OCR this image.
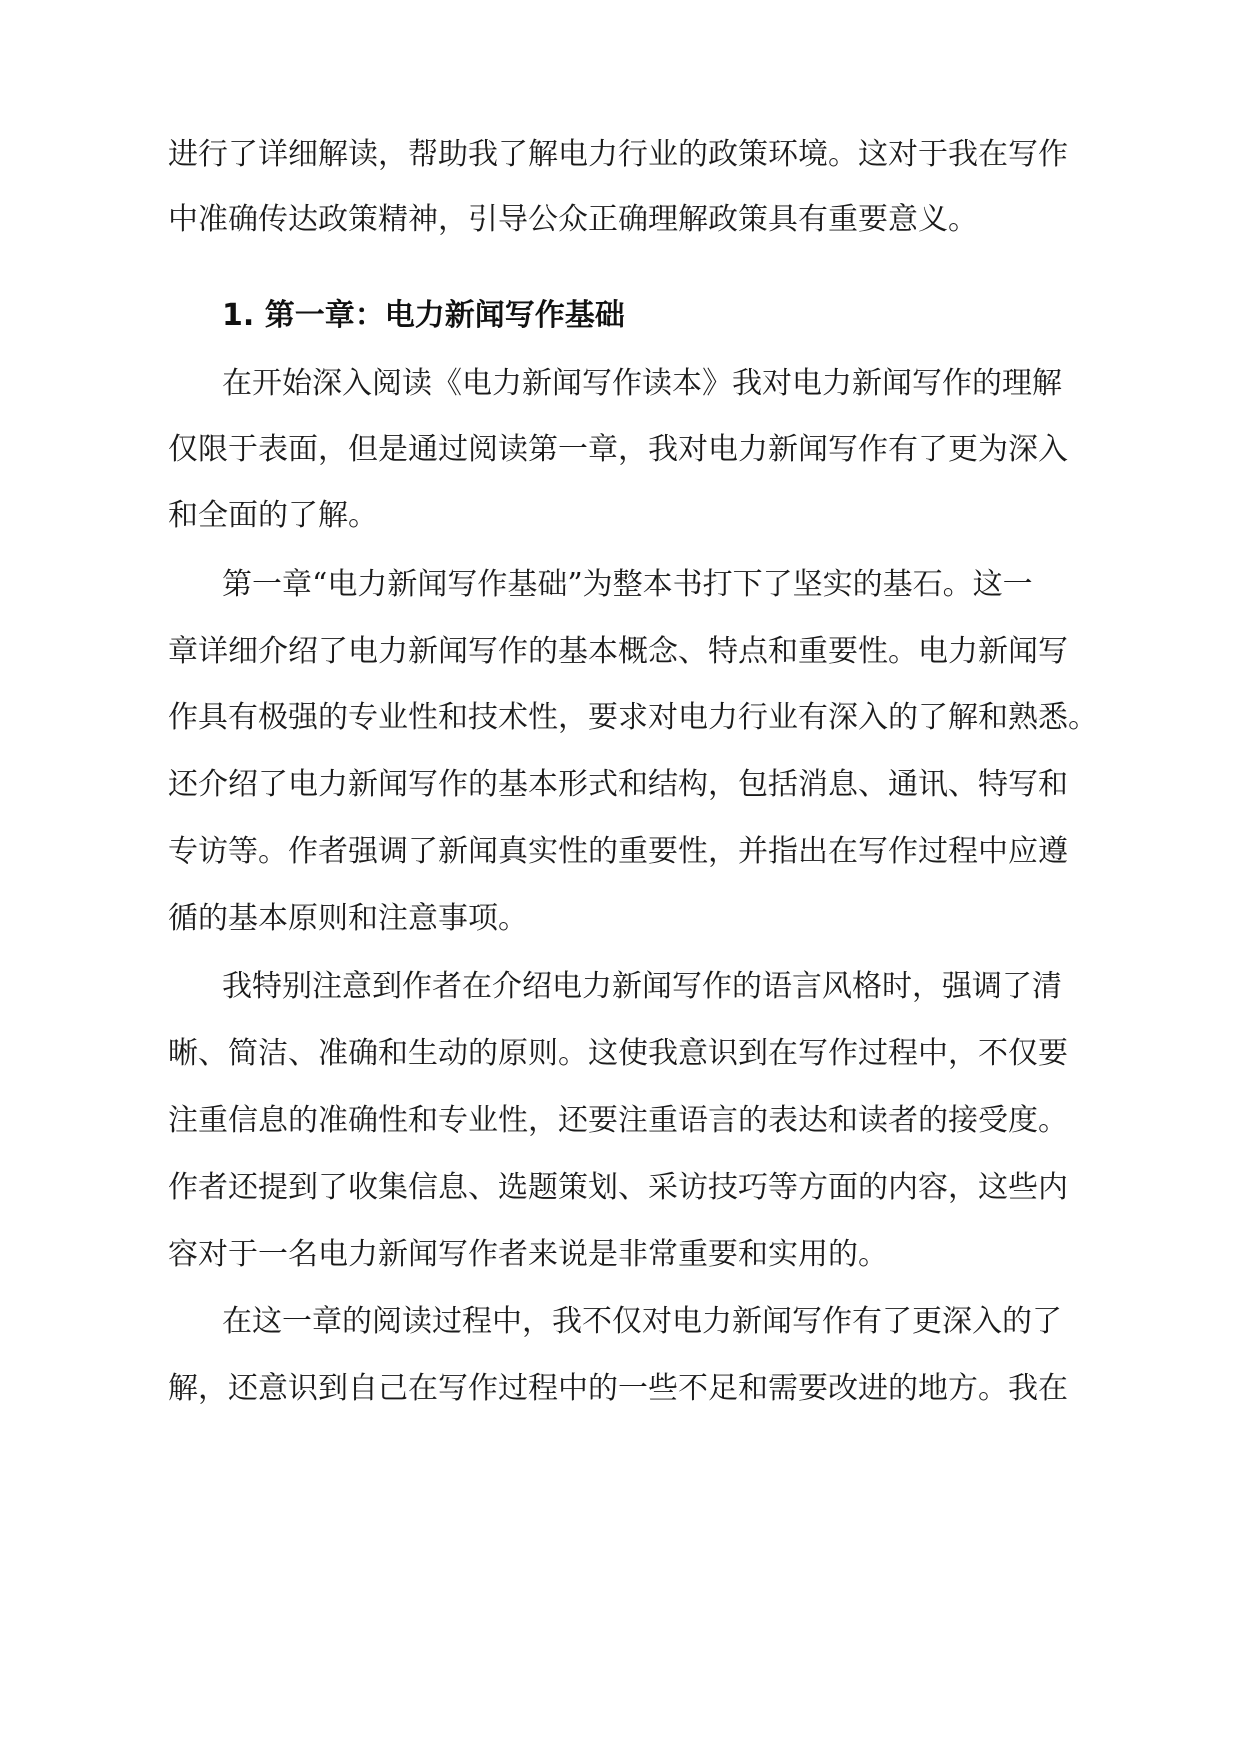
进行了详细解读，帮助我了解电力行业的政策环境。这对于我在写作
中准确传达政策精神，引导公众正确理解政策具有重要意义。
1. 第一章：电力新闻写作基础
在开始深入阅读《电力新闻写作读本》我对电力新闻写作的理解
仅限于表面，但是通过阅读第一章，我对电力新闻写作有了更为深入
和全面的了解。
第一章“电力新闻写作基础”为整本书打下了坚实的基石。这一
章详细介绍了电力新闻写作的基本概念、特点和重要性。电力新闻写
作具有极强的专业性和技术性，要求对电力行业有深入的了解和熟悉。
还介绍了电力新闻写作的基本形式和结构，包括消息、通讯、特写和
专访等。作者强调了新闻真实性的重要性，并指出在写作过程中应遵
循的基本原则和注意事项。
我特别注意到作者在介绍电力新闻写作的语言风格时，强调了清
晰、简洁、准确和生动的原则。这使我意识到在写作过程中，不仅要
注重信息的准确性和专业性，还要注重语言的表达和读者的接受度。
作者还提到了收集信息、选题策划、采访技巧等方面的内容，这些内
容对于一名电力新闻写作者来说是非常重要和实用的。
在这一章的阅读过程中，我不仅对电力新闻写作有了更深入的了
解，还意识到自己在写作过程中的一些不足和需要改进的地方。我在
